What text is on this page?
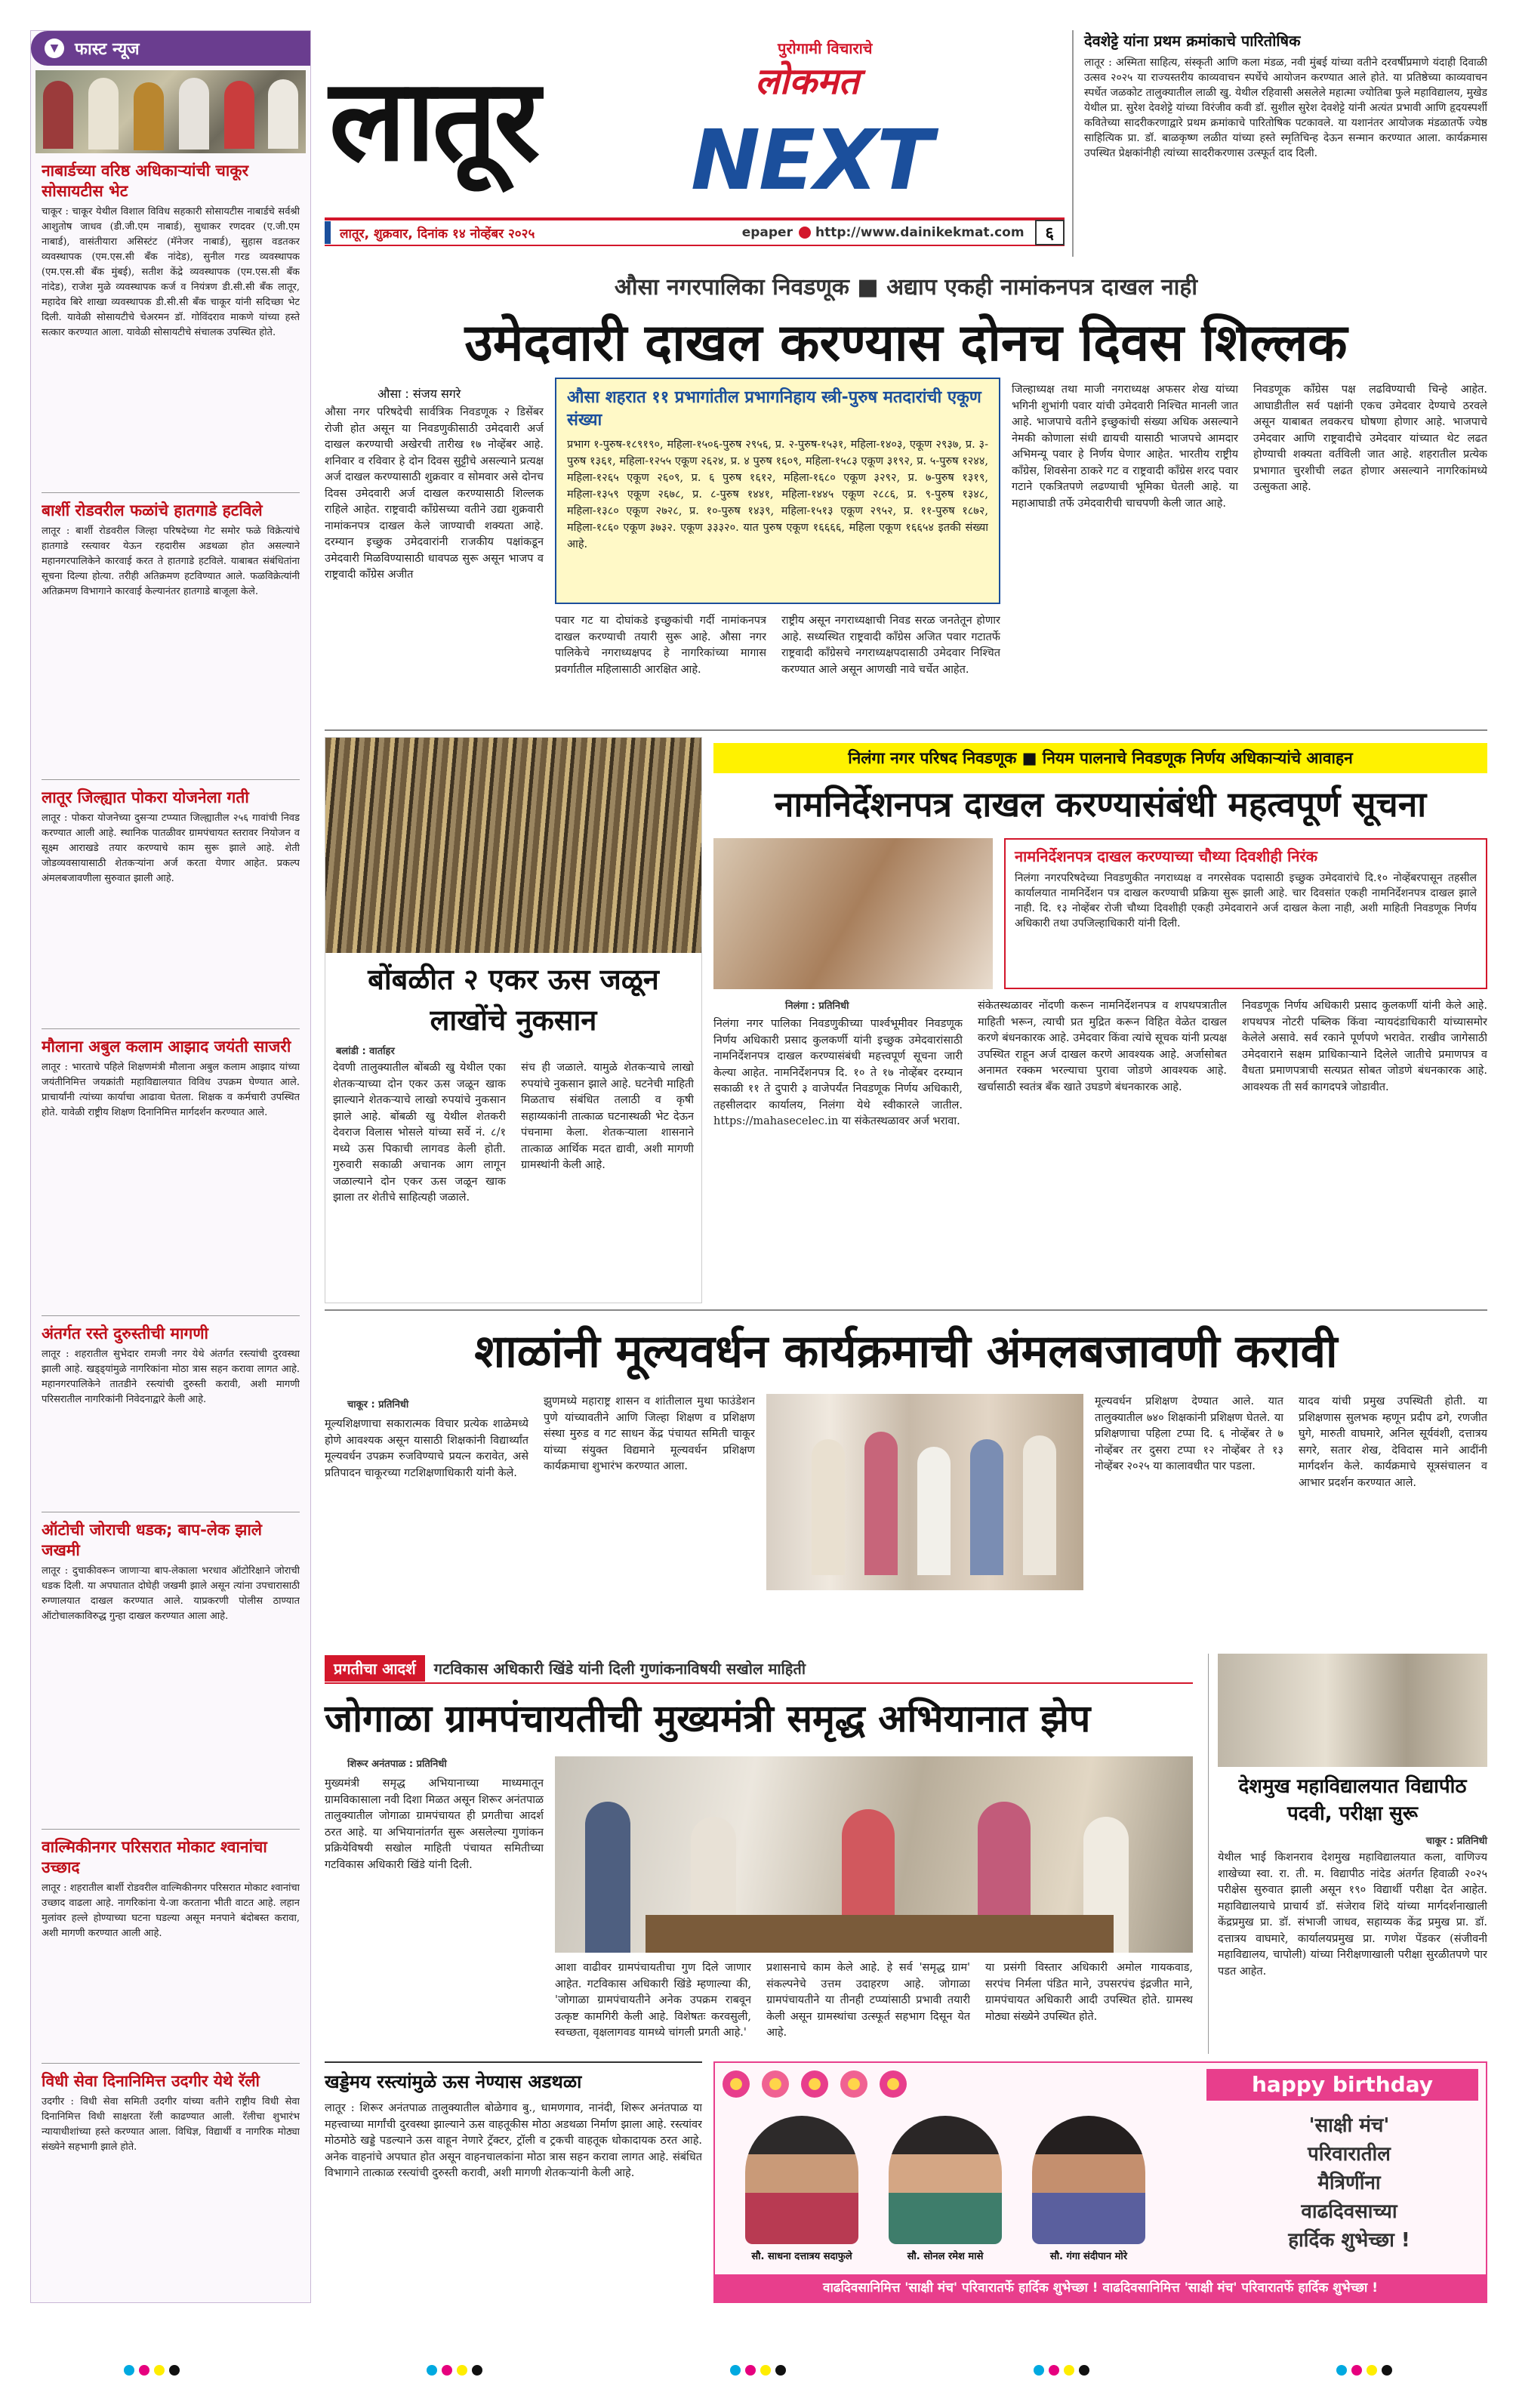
▼ फास्ट न्यूज
नाबार्डच्या वरिष्ठ अधिकाऱ्यांची चाकूर सोसायटीस भेट
चाकूर : चाकूर येथील विशाल विविध सहकारी सोसायटीस नाबार्डचे सर्वश्री आशुतोष जाधव (डी.जी.एम नाबार्ड), सुधाकर रणदवर (ए.जी.एम नाबार्ड), वासंतीयारा असिस्टंट (मॅनेजर नाबार्ड), सुहास वडतकर व्यवस्थापक (एम.एस.सी बँक नांदेड), सुनील गरड व्यवस्थापक (एम.एस.सी बँक मुंबई), सतीश केंद्रे व्यवस्थापक (एम.एस.सी बँक नांदेड), राजेश मुळे व्यवस्थापक कर्ज व नियंत्रण डी.सी.सी बँक लातूर, महादेव बिरे शाखा व्यवस्थापक डी.सी.सी बँक चाकूर यांनी सदिच्छा भेट दिली. यावेळी सोसायटीचे चेअरमन डॉ. गोविंदराव माकणे यांच्या हस्ते सत्कार करण्यात आला. यावेळी सोसायटीचे संचालक उपस्थित होते.
बार्शी रोडवरील फळांचे हातगाडे हटविले
लातूर : बार्शी रोडवरील जिल्हा परिषदेच्या गेट समोर फळे विक्रेत्यांचे हातगाडे रस्त्यावर येऊन रहदारीस अडथळा होत असल्याने महानगरपालिकेने कारवाई करत ते हातगाडे हटविले. याबाबत संबंधितांना सूचना दिल्या होत्या. तरीही अतिक्रमण हटविण्यात आले. फळविक्रेत्यांनी अतिक्रमण विभागाने कारवाई केल्यानंतर हातगाडे बाजूला केले.
लातूर जिल्ह्यात पोकरा योजनेला गती
लातूर : पोकरा योजनेच्या दुसऱ्या टप्प्यात जिल्ह्यातील २५६ गावांची निवड करण्यात आली आहे. स्थानिक पातळीवर ग्रामपंचायत स्तरावर नियोजन व सूक्ष्म आराखडे तयार करण्याचे काम सुरू झाले आहे. शेती जोडव्यवसायासाठी शेतकऱ्यांना अर्ज करता येणार आहेत. प्रकल्प अंमलबजावणीला सुरुवात झाली आहे.
मौलाना अबुल कलाम आझाद जयंती साजरी
लातूर : भारताचे पहिले शिक्षणमंत्री मौलाना अबुल कलाम आझाद यांच्या जयंतीनिमित्त जयक्रांती महाविद्यालयात विविध उपक्रम घेण्यात आले. प्राचार्यांनी त्यांच्या कार्याचा आढावा घेतला. शिक्षक व कर्मचारी उपस्थित होते. यावेळी राष्ट्रीय शिक्षण दिनानिमित्त मार्गदर्शन करण्यात आले.
अंतर्गत रस्ते दुरुस्तीची मागणी
लातूर : शहरातील सुभेदार रामजी नगर येथे अंतर्गत रस्त्यांची दुरवस्था झाली आहे. खड्ड्यांमुळे नागरिकांना मोठा त्रास सहन करावा लागत आहे. महानगरपालिकेने तातडीने रस्त्यांची दुरुस्ती करावी, अशी मागणी परिसरातील नागरिकांनी निवेदनाद्वारे केली आहे.
ऑटोची जोराची धडक; बाप-लेक झाले जखमी
लातूर : दुचाकीवरून जाणाऱ्या बाप-लेकाला भरधाव ऑटोरिक्षाने जोराची धडक दिली. या अपघातात दोघेही जखमी झाले असून त्यांना उपचारासाठी रुग्णालयात दाखल करण्यात आले. याप्रकरणी पोलीस ठाण्यात ऑटोचालकाविरुद्ध गुन्हा दाखल करण्यात आला आहे.
वाल्मिकीनगर परिसरात मोकाट श्वानांचा उच्छाद
लातूर : शहरातील बार्शी रोडवरील वाल्मिकीनगर परिसरात मोकाट श्वानांचा उच्छाद वाढला आहे. नागरिकांना ये-जा करताना भीती वाटत आहे. लहान मुलांवर हल्ले होण्याच्या घटना घडल्या असून मनपाने बंदोबस्त करावा, अशी मागणी करण्यात आली आहे.
विधी सेवा दिनानिमित्त उदगीर येथे रॅली
उदगीर : विधी सेवा समिती उदगीर यांच्या वतीने राष्ट्रीय विधी सेवा दिनानिमित्त विधी साक्षरता रॅली काढण्यात आली. रॅलीचा शुभारंभ न्यायाधीशांच्या हस्ते करण्यात आला. विधिज्ञ, विद्यार्थी व नागरिक मोठ्या संख्येने सहभागी झाले होते.
लातूर
पुरोगामी विचाराचे
लोकमत
NEXT
लातूर, शुक्रवार, दिनांक १४ नोव्हेंबर २०२५	epaper http://www.dainikekmat.com	६
देवशेट्टे यांना प्रथम क्रमांकाचे पारितोषिक
लातूर : अस्मिता साहित्य, संस्कृती आणि कला मंडळ, नवी मुंबई यांच्या वतीने दरवर्षीप्रमाणे यंदाही दिवाळी उत्सव २०२५ या राज्यस्तरीय काव्यवाचन स्पर्धेचे आयोजन करण्यात आले होते. या प्रतिष्ठेच्या काव्यवाचन स्पर्धेत जळकोट तालुक्यातील लाळी खु. येथील रहिवासी असलेले महात्मा ज्योतिबा फुले महाविद्यालय, मुखेड येथील प्रा. सुरेश देवशेट्टे यांच्या विरंजीव कवी डॉ. सुशील सुरेश देवशेट्टे यांनी अत्यंत प्रभावी आणि हृदयस्पर्शी कवितेच्या सादरीकरणाद्वारे प्रथम क्रमांकाचे पारितोषिक पटकावले. या यशानंतर आयोजक मंडळातर्फे ज्येष्ठ साहित्यिक प्रा. डॉ. बाळकृष्ण लळीत यांच्या हस्ते स्मृतिचिन्ह देऊन सन्मान करण्यात आला. कार्यक्रमास उपस्थित प्रेक्षकांनीही त्यांच्या सादरीकरणास उत्स्फूर्त दाद दिली.
औसा नगरपालिका निवडणूक ■ अद्याप एकही नामांकनपत्र दाखल नाही
उमेदवारी दाखल करण्यास दोनच दिवस शिल्लक
औसा : संजय सगरे
औसा नगर परिषदेची सार्वत्रिक निवडणूक २ डिसेंबर रोजी होत असून या निवडणुकीसाठी उमेदवारी अर्ज दाखल करण्याची अखेरची तारीख १७ नोव्हेंबर आहे. शनिवार व रविवार हे दोन दिवस सुट्टीचे असल्याने प्रत्यक्ष अर्ज दाखल करण्यासाठी शुक्रवार व सोमवार असे दोनच दिवस उमेदवारी अर्ज दाखल करण्यासाठी शिल्लक राहिले आहेत. राष्ट्रवादी काँग्रेसच्या वतीने उद्या शुक्रवारी नामांकनपत्र दाखल केले जाण्याची शक्यता आहे. दरम्यान इच्छुक उमेदवारांनी राजकीय पक्षांकडून उमेदवारी मिळविण्यासाठी धावपळ सुरू असून भाजप व राष्ट्रवादी काँग्रेस अजीत
औसा शहरात ११ प्रभागांतील प्रभागनिहाय स्त्री-पुरुष मतदारांची एकूण संख्या
प्रभाग १-पुरुष-१८९१९०, महिला-१५०६-पुरुष २९५६, प्र. २-पुरुष-१५३१, महिला-१४०३, एकूण २९३७, प्र. ३-पुरुष १३६१, महिला-१२५५ एकूण २६२४, प्र. ४ पुरुष १६०९, महिला-१५८३ एकूण ३१९२, प्र. ५-पुरुष १२४४, महिला-१२६५ एकूण २६०९, प्र. ६ पुरुष १६१२, महिला-१६८० एकूण ३२९२, प्र. ७-पुरुष १३१९, महिला-१३५९ एकूण २६७८, प्र. ८-पुरुष १४४१, महिला-१४४५ एकूण २८८६, प्र. ९-पुरुष १३४८, महिला-१३८० एकूण २७२८, प्र. १०-पुरुष १४३९, महिला-१५१३ एकूण २९५२, प्र. ११-पुरुष १८७२, महिला-१८६० एकूण ३७३२. एकूण ३३३२०. यात पुरुष एकूण १६६६६, महिला एकूण १६६५४ इतकी संख्या आहे.
पवार गट या दोघांकडे इच्छुकांची गर्दी नामांकनपत्र दाखल करण्याची तयारी सुरू आहे. औसा नगर पालिकेचे नगराध्यक्षपद हे नागरिकांच्या मागास प्रवर्गातील महिलासाठी आरक्षित आहे.
राष्ट्रीय असून नगराध्यक्षाची निवड सरळ जनतेतून होणार आहे. सध्यस्थित राष्ट्रवादी काँग्रेस अजित पवार गटातर्फे राष्ट्रवादी काँग्रेसचे नगराध्यक्षपदासाठी उमेदवार निश्चित करण्यात आले असून आणखी नावे चर्चेत आहेत.
जिल्हाध्यक्ष तथा माजी नगराध्यक्ष अफसर शेख यांच्या भगिनी शुभांगी पवार यांची उमेदवारी निश्चित मानली जात आहे. भाजपाचे वतीने इच्छुकांची संख्या अधिक असल्याने नेमकी कोणाला संधी द्यायची यासाठी भाजपचे आमदार अभिमन्यू पवार हे निर्णय घेणार आहेत. भारतीय राष्ट्रीय काँग्रेस, शिवसेना ठाकरे गट व राष्ट्रवादी काँग्रेस शरद पवार गटाने एकत्रितपणे लढण्याची भूमिका घेतली आहे. या महाआघाडी तर्फे उमेदवारीची चाचपणी केली जात आहे.
निवडणूक काँग्रेस पक्ष लढविण्याची चिन्हे आहेत. आघाडीतील सर्व पक्षांनी एकच उमेदवार देण्याचे ठरवले असून याबाबत लवकरच घोषणा होणार आहे. भाजपाचे उमेदवार आणि राष्ट्रवादीचे उमेदवार यांच्यात थेट लढत होण्याची शक्यता वर्तविली जात आहे. शहरातील प्रत्येक प्रभागात चुरशीची लढत होणार असल्याने नागरिकांमध्ये उत्सुकता आहे.
बोंबळीत २ एकर ऊस जळून लाखोंचे नुकसान
बलांडी : वार्ताहर
देवणी तालुक्यातील बोंबळी खु येथील एका शेतकऱ्याच्या दोन एकर ऊस जळून खाक झाल्याने शेतकऱ्याचे लाखो रुपयांचे नुकसान झाले आहे. बोंबळी खु येथील शेतकरी देवराज विलास भोसले यांच्या सर्वे नं. ८/१ मध्ये ऊस पिकाची लागवड केली होती. गुरुवारी सकाळी अचानक आग लागून जळाल्याने दोन एकर ऊस जळून खाक झाला तर शेतीचे साहित्यही जळाले.
संच ही जळाले. यामुळे शेतकऱ्याचे लाखो रुपयांचे नुकसान झाले आहे. घटनेची माहिती मिळताच संबंधित तलाठी व कृषी सहाय्यकांनी तात्काळ घटनास्थळी भेट देऊन पंचनामा केला. शेतकऱ्याला शासनाने तात्काळ आर्थिक मदत द्यावी, अशी मागणी ग्रामस्थांनी केली आहे.
निलंगा नगर परिषद निवडणूक ■ नियम पालनाचे निवडणूक निर्णय अधिकाऱ्यांचे आवाहन
नामनिर्देशनपत्र दाखल करण्यासंबंधी महत्वपूर्ण सूचना
नामनिर्देशनपत्र दाखल करण्याच्या चौथ्या दिवशीही निरंक
निलंगा नगरपरिषदेच्या निवडणुकीत नगराध्यक्ष व नगरसेवक पदासाठी इच्छुक उमेदवारांचे दि.१० नोव्हेंबरपासून तहसील कार्यालयात नामनिर्देशन पत्र दाखल करण्याची प्रक्रिया सुरू झाली आहे. चार दिवसांत एकही नामनिर्देशनपत्र दाखल झाले नाही. दि. १३ नोव्हेंबर रोजी चौथ्या दिवशीही एकही उमेदवाराने अर्ज दाखल केला नाही, अशी माहिती निवडणूक निर्णय अधिकारी तथा उपजिल्हाधिकारी यांनी दिली.
निलंगा : प्रतिनिधी
निलंगा नगर पालिका निवडणुकीच्या पार्श्वभूमीवर निवडणूक निर्णय अधिकारी प्रसाद कुलकर्णी यांनी इच्छुक उमेदवारांसाठी नामनिर्देशनपत्र दाखल करण्यासंबंधी महत्त्वपूर्ण सूचना जारी केल्या आहेत. नामनिर्देशनपत्र दि. १० ते १७ नोव्हेंबर दरम्यान सकाळी ११ ते दुपारी ३ वाजेपर्यंत निवडणूक निर्णय अधिकारी, तहसीलदार कार्यालय, निलंगा येथे स्वीकारले जातील. https://mahasecelec.in या संकेतस्थळावर अर्ज भरावा.
संकेतस्थळावर नोंदणी करून नामनिर्देशनपत्र व शपथपत्रातील माहिती भरून, त्याची प्रत मुद्रित करून विहित वेळेत दाखल करणे बंधनकारक आहे. उमेदवार किंवा त्यांचे सूचक यांनी प्रत्यक्ष उपस्थित राहून अर्ज दाखल करणे आवश्यक आहे. अर्जासोबत अनामत रक्कम भरल्याचा पुरावा जोडणे आवश्यक आहे. खर्चासाठी स्वतंत्र बँक खाते उघडणे बंधनकारक आहे.
निवडणूक निर्णय अधिकारी प्रसाद कुलकर्णी यांनी केले आहे. शपथपत्र नोटरी पब्लिक किंवा न्यायदंडाधिकारी यांच्यासमोर केलेले असावे. सर्व रकाने पूर्णपणे भरावेत. राखीव जागेसाठी उमेदवाराने सक्षम प्राधिकाऱ्याने दिलेले जातीचे प्रमाणपत्र व वैधता प्रमाणपत्राची सत्यप्रत सोबत जोडणे बंधनकारक आहे. आवश्यक ती सर्व कागदपत्रे जोडावीत.
शाळांनी मूल्यवर्धन कार्यक्रमाची अंमलबजावणी करावी
चाकूर : प्रतिनिधी
मूल्यशिक्षणाचा सकारात्मक विचार प्रत्येक शाळेमध्ये होणे आवश्यक असून यासाठी शिक्षकांनी विद्यार्थ्यांत मूल्यवर्धन उपक्रम रुजविण्याचे प्रयत्न करावेत, असे प्रतिपादन चाकूरच्या गटशिक्षणाधिकारी यांनी केले.
झुणमध्ये महाराष्ट्र शासन व शांतीलाल मुथा फाउंडेशन पुणे यांच्यावतीने आणि जिल्हा शिक्षण व प्रशिक्षण संस्था मुरुड व गट साधन केंद्र पंचायत समिती चाकूर यांच्या संयुक्त विद्यमाने मूल्यवर्धन प्रशिक्षण कार्यक्रमाचा शुभारंभ करण्यात आला.
मूल्यवर्धन प्रशिक्षण देण्यात आले. यात तालुक्यातील ७४० शिक्षकांनी प्रशिक्षण घेतले. या प्रशिक्षणाचा पहिला टप्पा दि. ६ नोव्हेंबर ते ७ नोव्हेंबर तर दुसरा टप्पा १२ नोव्हेंबर ते १३ नोव्हेंबर २०२५ या कालावधीत पार पडला.
यादव यांची प्रमुख उपस्थिती होती. या प्रशिक्षणास सुलभक म्हणून प्रदीप ढगे, रणजीत घुगे, मारुती वाघमारे, अनिल सूर्यवंशी, दत्तात्रय सगरे, सतार शेख, देविदास माने आदींनी मार्गदर्शन केले. कार्यक्रमाचे सूत्रसंचालन व आभार प्रदर्शन करण्यात आले.
प्रगतीचा आदर्श	गटविकास अधिकारी खिंडे यांनी दिली गुणांकनाविषयी सखोल माहिती
जोगाळा ग्रामपंचायतीची मुख्यमंत्री समृद्ध अभियानात झेप
शिरूर अनंतपाळ : प्रतिनिधी
मुख्यमंत्री समृद्ध अभियानाच्या माध्यमातून ग्रामविकासाला नवी दिशा मिळत असून शिरूर अनंतपाळ तालुक्यातील जोगाळा ग्रामपंचायत ही प्रगतीचा आदर्श ठरत आहे. या अभियानांतर्गत सुरू असलेल्या गुणांकन प्रक्रियेविषयी सखोल माहिती पंचायत समितीच्या गटविकास अधिकारी खिंडे यांनी दिली.
आशा वाढीवर ग्रामपंचायतीचा गुण दिले जाणार आहेत. गटविकास अधिकारी खिंडे म्हणाल्या की, 'जोगाळा ग्रामपंचायतीने अनेक उपक्रम राबवून उत्कृष्ट कामगिरी केली आहे. विशेषतः करवसुली, स्वच्छता, वृक्षलागवड यामध्ये चांगली प्रगती आहे.'
प्रशासनाचे काम केले आहे. हे सर्व 'समृद्ध ग्राम' संकल्पनेचे उत्तम उदाहरण आहे. जोगाळा ग्रामपंचायतीने या तीनही टप्प्यांसाठी प्रभावी तयारी केली असून ग्रामस्थांचा उत्स्फूर्त सहभाग दिसून येत आहे.
या प्रसंगी विस्तार अधिकारी अमोल गायकवाड, सरपंच निर्मला पंडित माने, उपसरपंच इंद्रजीत माने, ग्रामपंचायत अधिकारी आदी उपस्थित होते. ग्रामस्थ मोठ्या संख्येने उपस्थित होते.
देशमुख महाविद्यालयात विद्यापीठ पदवी, परीक्षा सुरू
चाकूर : प्रतिनिधी
येथील भाई किशनराव देशमुख महाविद्यालयात कला, वाणिज्य शाखेच्या स्वा. रा. ती. म. विद्यापीठ नांदेड अंतर्गत हिवाळी २०२५ परीक्षेस सुरुवात झाली असून १९० विद्यार्थी परीक्षा देत आहेत. महाविद्यालयाचे प्राचार्य डॉ. संजेराव शिंदे यांच्या मार्गदर्शनाखाली केंद्रप्रमुख प्रा. डॉ. संभाजी जाधव, सहाय्यक केंद्र प्रमुख प्रा. डॉ. दत्तात्रय वाघमारे, कार्यालयप्रमुख प्रा. गणेश पेंडकर (संजीवनी महाविद्यालय, चापोली) यांच्या निरीक्षणाखाली परीक्षा सुरळीतपणे पार पडत आहेत.
खड्डेमय रस्त्यांमुळे ऊस नेण्यास अडथळा
लातूर : शिरूर अनंतपाळ तालुक्यातील बोळेगाव बु., धामणगाव, नानंदी, शिरूर अनंतपाळ या महत्त्वाच्या मार्गांची दुरवस्था झाल्याने ऊस वाहतूकीस मोठा अडथळा निर्माण झाला आहे. रस्त्यांवर मोठमोठे खड्डे पडल्याने ऊस वाहून नेणारे ट्रॅक्टर, ट्रॉली व ट्रकची वाहतूक धोकादायक ठरत आहे. अनेक वाहनांचे अपघात होत असून वाहनचालकांना मोठा त्रास सहन करावा लागत आहे. संबंधित विभागाने तात्काळ रस्त्यांची दुरुस्ती करावी, अशी मागणी शेतकऱ्यांनी केली आहे.
happy birthday
सौ. साधना दत्तात्रय सदाफुले	सौ. सोनल रमेश मासे	सौ. गंगा संदीपान मोरे
'साक्षी मंच'
परिवारातील
मैत्रिणींना
वाढदिवसाच्या
हार्दिक शुभेच्छा !
वाढदिवसानिमित्त 'साक्षी मंच' परिवारातर्फे हार्दिक शुभेच्छा ! वाढदिवसानिमित्त 'साक्षी मंच' परिवारातर्फे हार्दिक शुभेच्छा !
